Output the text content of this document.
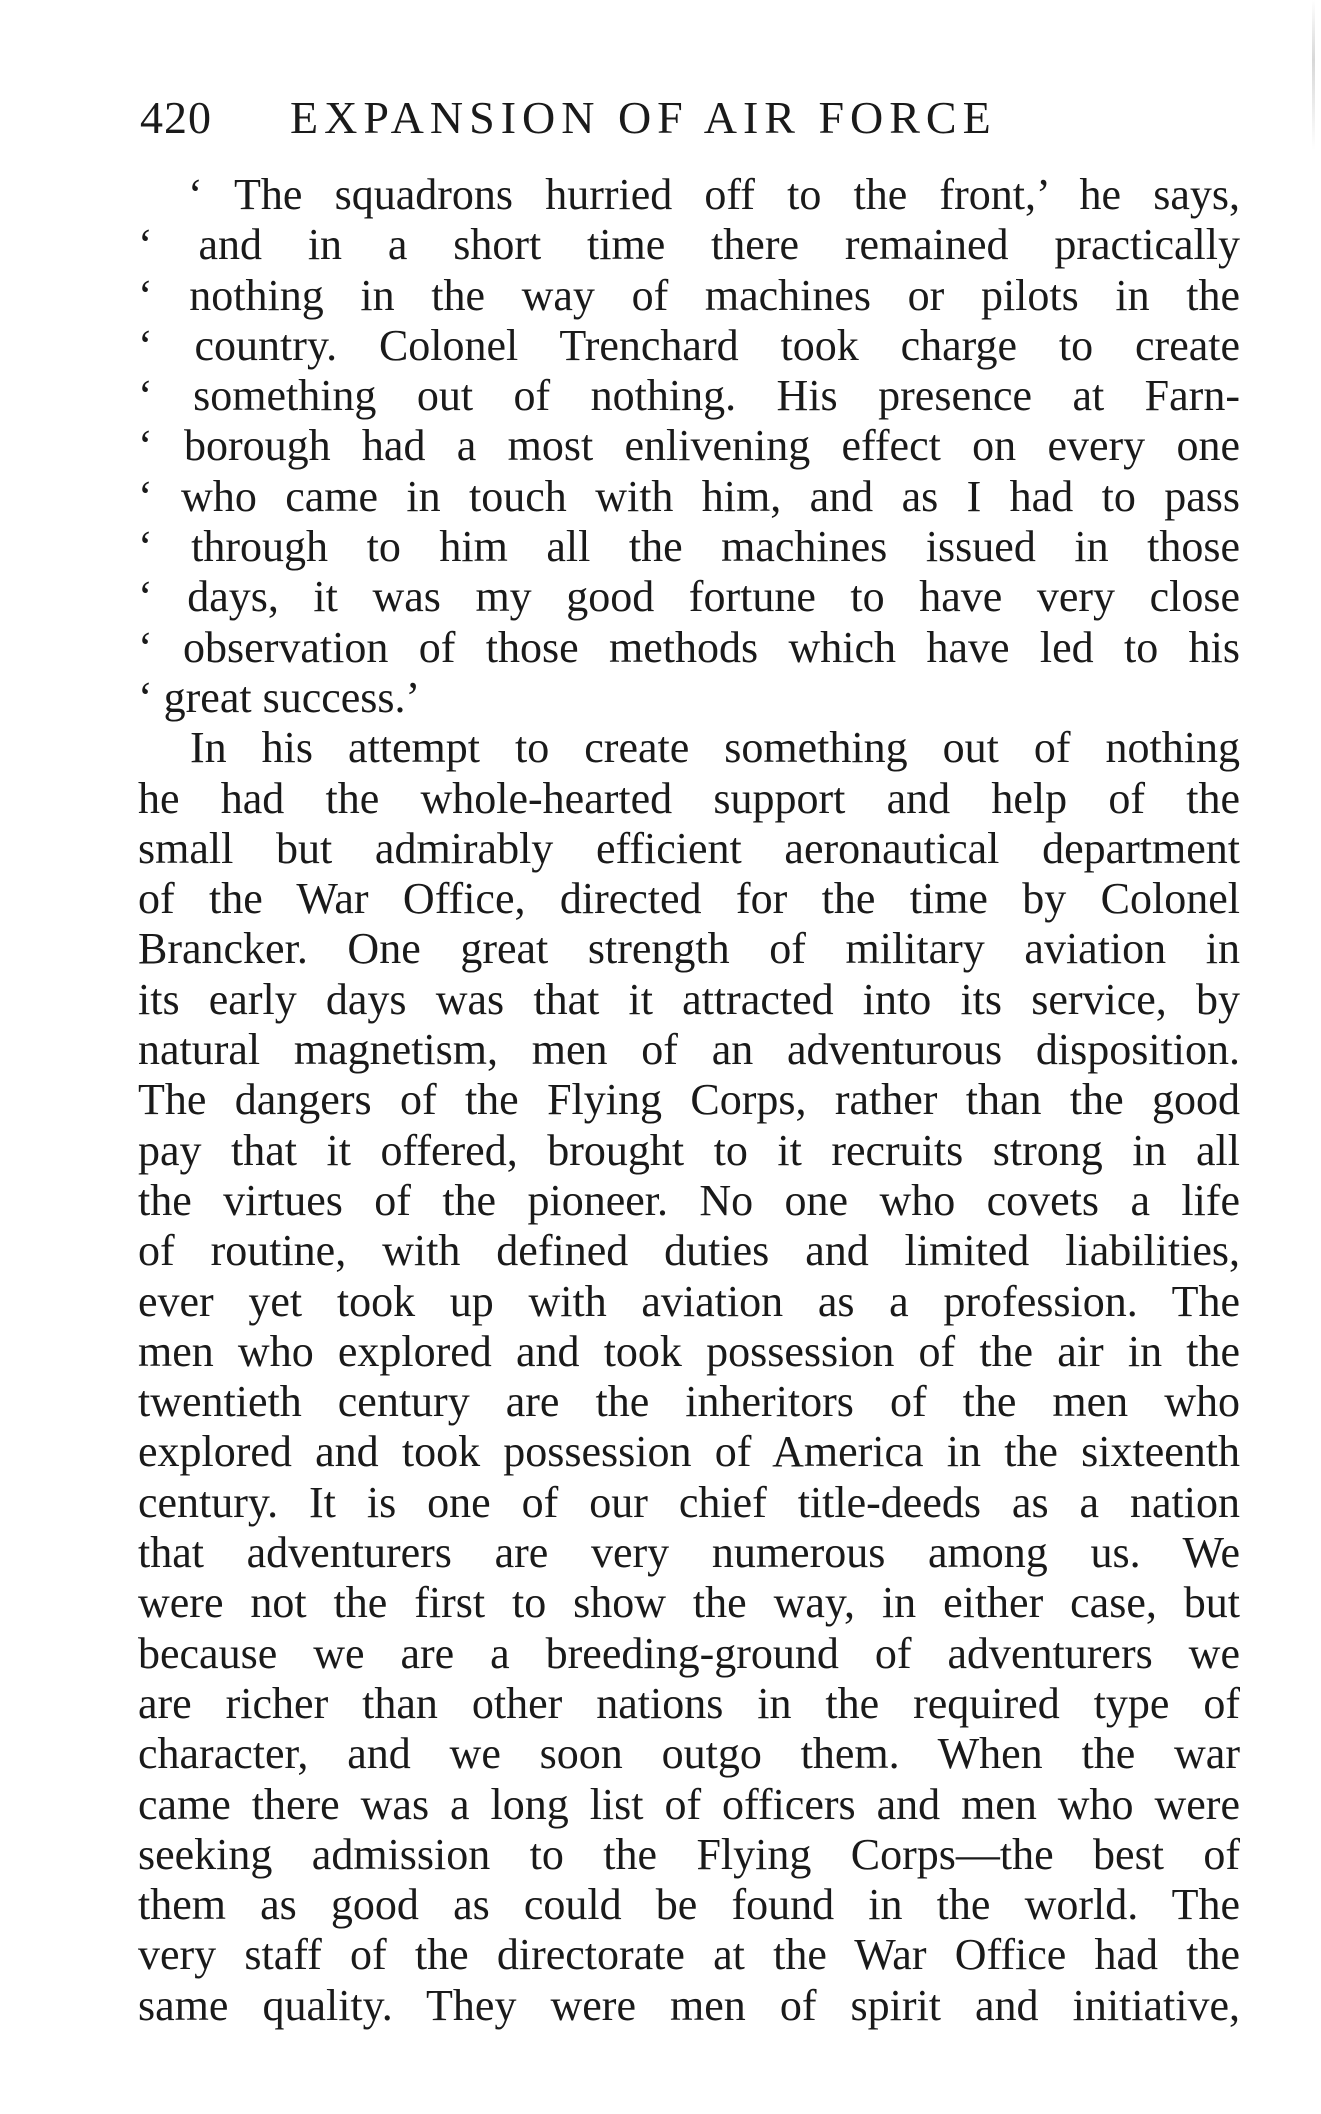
420 EXPANSION OF AIR FORCE
‘ The squadrons hurried off to the front,’ he says,
‘ and in a short time there remained practically
‘ nothing in the way of machines or pilots in the
‘ country. Colonel Trenchard took charge to create
‘ something out of nothing. His presence at Farn-
‘ borough had a most enlivening effect on every one
‘ who came in touch with him, and as I had to pass
‘ through to him all the machines issued in those
‘ days, it was my good fortune to have very close
‘ observation of those methods which have led to his
‘ great success.’
In his attempt to create something out of nothing
he had the whole-hearted support and help of the
small but admirably efficient aeronautical department
of the War Office, directed for the time by Colonel
Brancker. One great strength of military aviation in
its early days was that it attracted into its service, by
natural magnetism, men of an adventurous disposition.
The dangers of the Flying Corps, rather than the good
pay that it offered, brought to it recruits strong in all
the virtues of the pioneer. No one who covets a life
of routine, with defined duties and limited liabilities,
ever yet took up with aviation as a profession. The
men who explored and took possession of the air in the
twentieth century are the inheritors of the men who
explored and took possession of America in the sixteenth
century. It is one of our chief title-deeds as a nation
that adventurers are very numerous among us. We
were not the first to show the way, in either case, but
because we are a breeding-ground of adventurers we
are richer than other nations in the required type of
character, and we soon outgo them. When the war
came there was a long list of officers and men who were
seeking admission to the Flying Corps—the best of
them as good as could be found in the world. The
very staff of the directorate at the War Office had the
same quality. They were men of spirit and initiative,
